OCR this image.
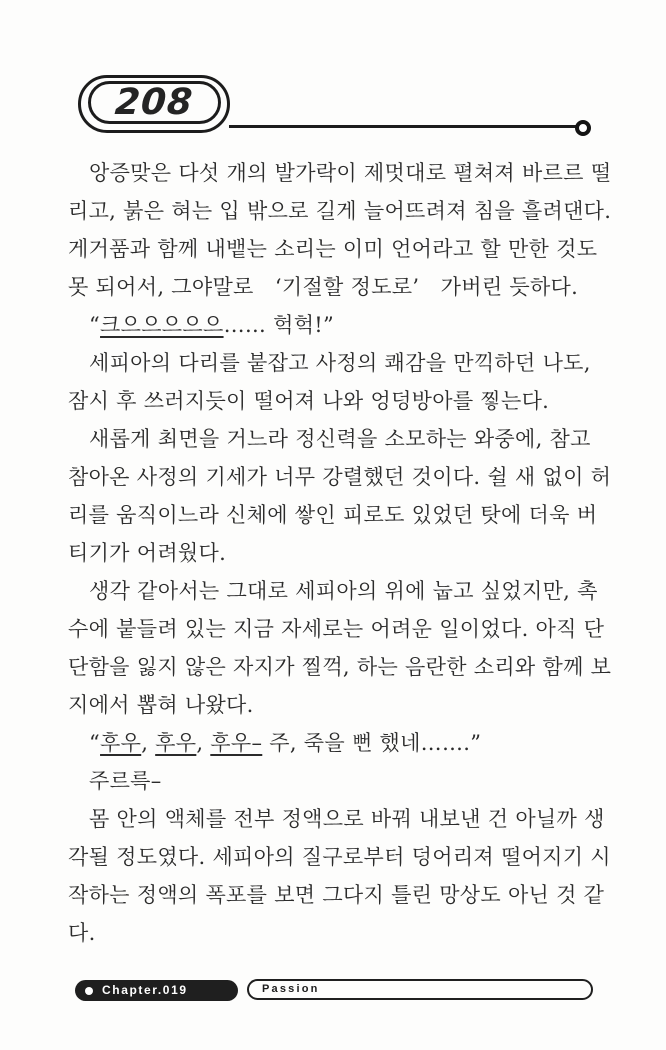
208
앙증맞은 다섯 개의 발가락이 제멋대로 펼쳐져 바르르 떨
리고, 붉은 혀는 입 밖으로 길게 늘어뜨려져 침을 흘려댄다.
게거품과 함께 내뱉는 소리는 이미 언어라고 할 만한 것도
못 되어서, 그야말로　‘기절할 정도로’　가버린 듯하다.
“크으으으으으…… 헉헉!”
세피아의 다리를 붙잡고 사정의 쾌감을 만끽하던 나도,
잠시 후 쓰러지듯이 떨어져 나와 엉덩방아를 찧는다.
새롭게 최면을 거느라 정신력을 소모하는 와중에, 참고
참아온 사정의 기세가 너무 강렬했던 것이다. 쉴 새 없이 허
리를 움직이느라 신체에 쌓인 피로도 있었던 탓에 더욱 버
티기가 어려웠다.
생각 같아서는 그대로 세피아의 위에 눕고 싶었지만, 촉
수에 붙들려 있는 지금 자세로는 어려운 일이었다. 아직 단
단함을 잃지 않은 자지가 찔꺽, 하는 음란한 소리와 함께 보
지에서 뽑혀 나왔다.
“후우, 후우, 후우– 주, 죽을 뻔 했네…….”
주르륵–
몸 안의 액체를 전부 정액으로 바꿔 내보낸 건 아닐까 생
각될 정도였다. 세피아의 질구로부터 덩어리져 떨어지기 시
작하는 정액의 폭포를 보면 그다지 틀린 망상도 아닌 것 같
다.
Chapter.019	Passion
